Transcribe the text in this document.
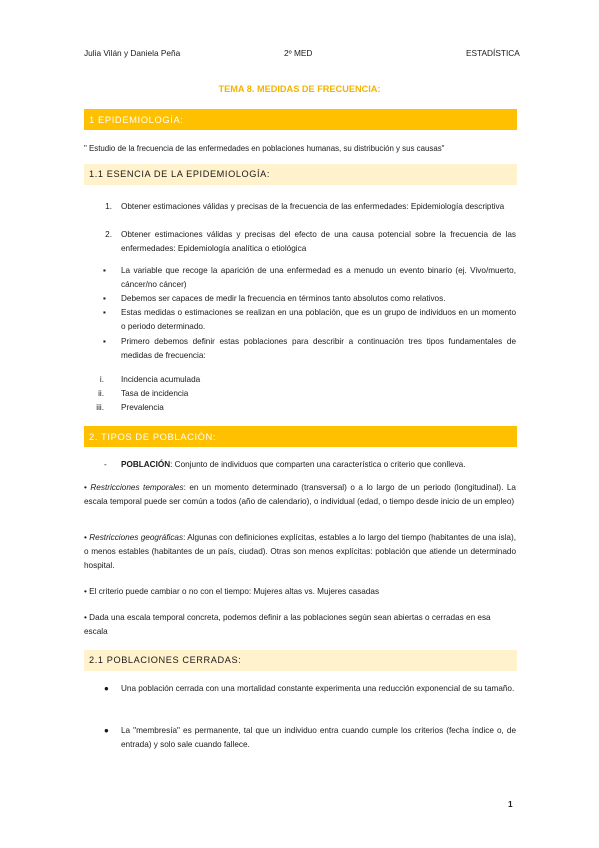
Julia Vilán y Daniela Peña	2º MED	ESTADÍSTICA
TEMA 8. MEDIDAS DE FRECUENCIA:
1 EPIDEMIOLOGÍA:
" Estudio de la frecuencia de las enfermedades en poblaciones humanas, su distribución y sus causas"
1.1 ESENCIA DE LA EPIDEMIOLOGÍA:
1. Obtener estimaciones válidas y precisas de la frecuencia de las enfermedades: Epidemiología descriptiva
2. Obtener estimaciones válidas y precisas del efecto de una causa potencial sobre la frecuencia de las enfermedades: Epidemiología analítica o etiológica
▪ La variable que recoge la aparición de una enfermedad es a menudo un evento binario (ej. Vivo/muerto, cáncer/no cáncer)
▪ Debemos ser capaces de medir la frecuencia en términos tanto absolutos como relativos.
▪ Estas medidas o estimaciones se realizan en una población, que es un grupo de individuos en un momento o periodo determinado.
▪ Primero debemos definir estas poblaciones para describir a continuación tres tipos fundamentales de medidas de frecuencia:
i. Incidencia acumulada
ii. Tasa de incidencia
iii. Prevalencia
2. TIPOS DE POBLACIÓN:
- POBLACIÓN: Conjunto de individuos que comparten una característica o criterio que conlleva.
• Restricciones temporales: en un momento determinado (transversal) o a lo largo de un periodo (longitudinal). La escala temporal puede ser común a todos (año de calendario), o individual (edad, o tiempo desde inicio de un empleo)
• Restricciones geográficas: Algunas con definiciones explícitas, estables a lo largo del tiempo (habitantes de una isla), o menos estables (habitantes de un país, ciudad). Otras son menos explícitas: población que atiende un determinado hospital.
• El criterio puede cambiar o no con el tiempo: Mujeres altas vs. Mujeres casadas
• Dada una escala temporal concreta, podemos definir a las poblaciones según sean abiertas o cerradas en esa escala
2.1 POBLACIONES CERRADAS:
● Una población cerrada con una mortalidad constante experimenta una reducción exponencial de su tamaño.
● La "membresía" es permanente, tal que un individuo entra cuando cumple los criterios (fecha índice o, de entrada) y solo sale cuando fallece.
1
